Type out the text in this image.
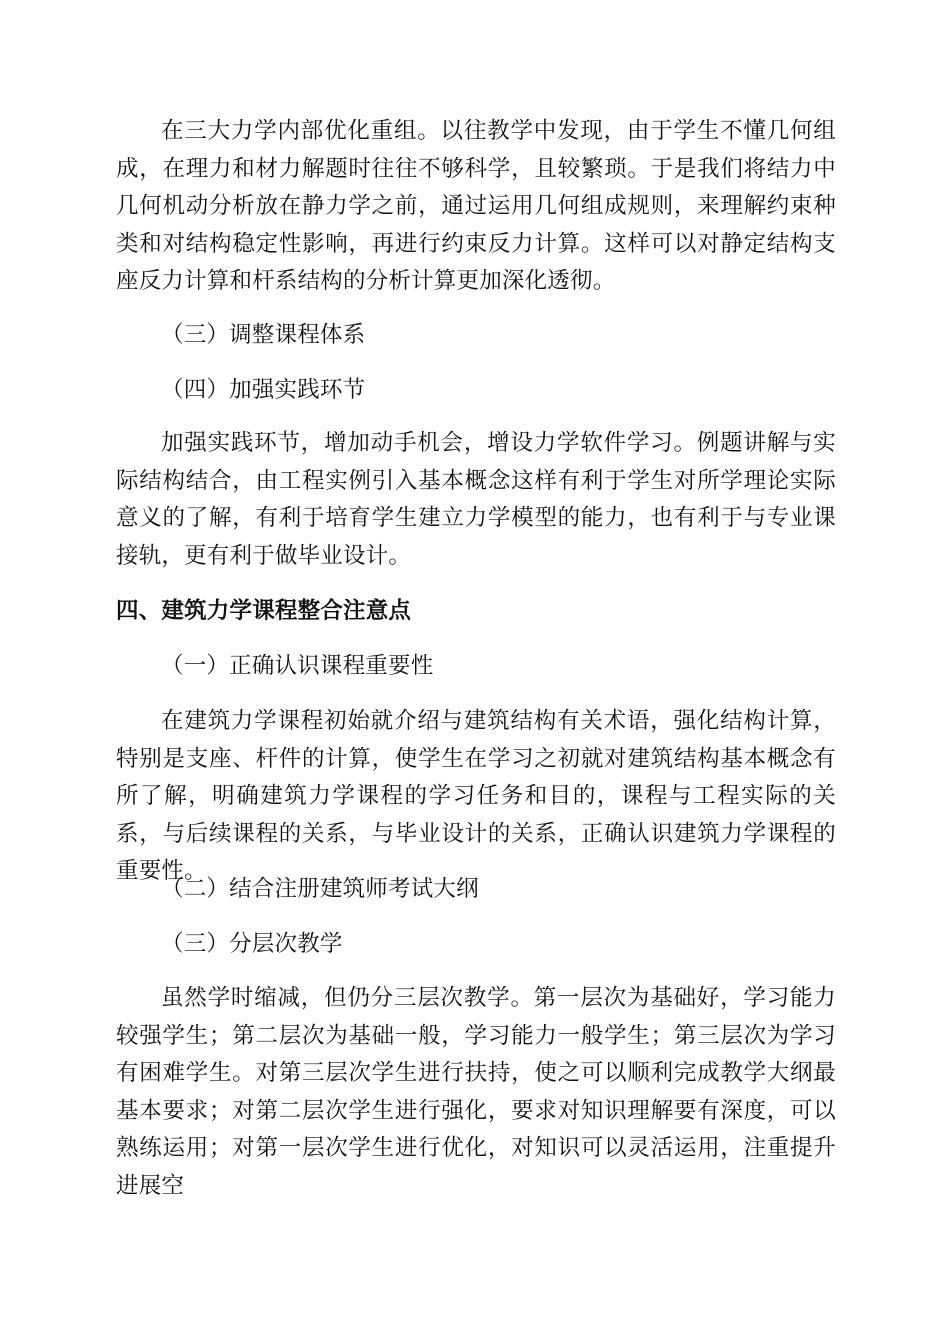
在三大力学内部优化重组。以往教学中发现，由于学生不懂几何组成，在理力和材力解题时往往不够科学，且较繁琐。于是我们将结力中几何机动分析放在静力学之前，通过运用几何组成规则，来理解约束种类和对结构稳定性影响，再进行约束反力计算。这样可以对静定结构支座反力计算和杆系结构的分析计算更加深化透彻。

（三）调整课程体系

（四）加强实践环节

加强实践环节，增加动手机会，增设力学软件学习。例题讲解与实际结构结合，由工程实例引入基本概念这样有利于学生对所学理论实际意义的了解，有利于培育学生建立力学模型的能力，也有利于与专业课接轨，更有利于做毕业设计。

四、建筑力学课程整合注意点

（一）正确认识课程重要性

在建筑力学课程初始就介绍与建筑结构有关术语，强化结构计算，特别是支座、杆件的计算，使学生在学习之初就对建筑结构基本概念有所了解，明确建筑力学课程的学习任务和目的，课程与工程实际的关系，与后续课程的关系，与毕业设计的关系，正确认识建筑力学课程的重要性。

（二）结合注册建筑师考试大纲

（三）分层次教学

虽然学时缩减，但仍分三层次教学。第一层次为基础好，学习能力较强学生；第二层次为基础一般，学习能力一般学生；第三层次为学习有困难学生。对第三层次学生进行扶持，使之可以顺利完成教学大纲最基本要求；对第二层次学生进行强化，要求对知识理解要有深度，可以熟练运用；对第一层次学生进行优化，对知识可以灵活运用，注重提升进展空
